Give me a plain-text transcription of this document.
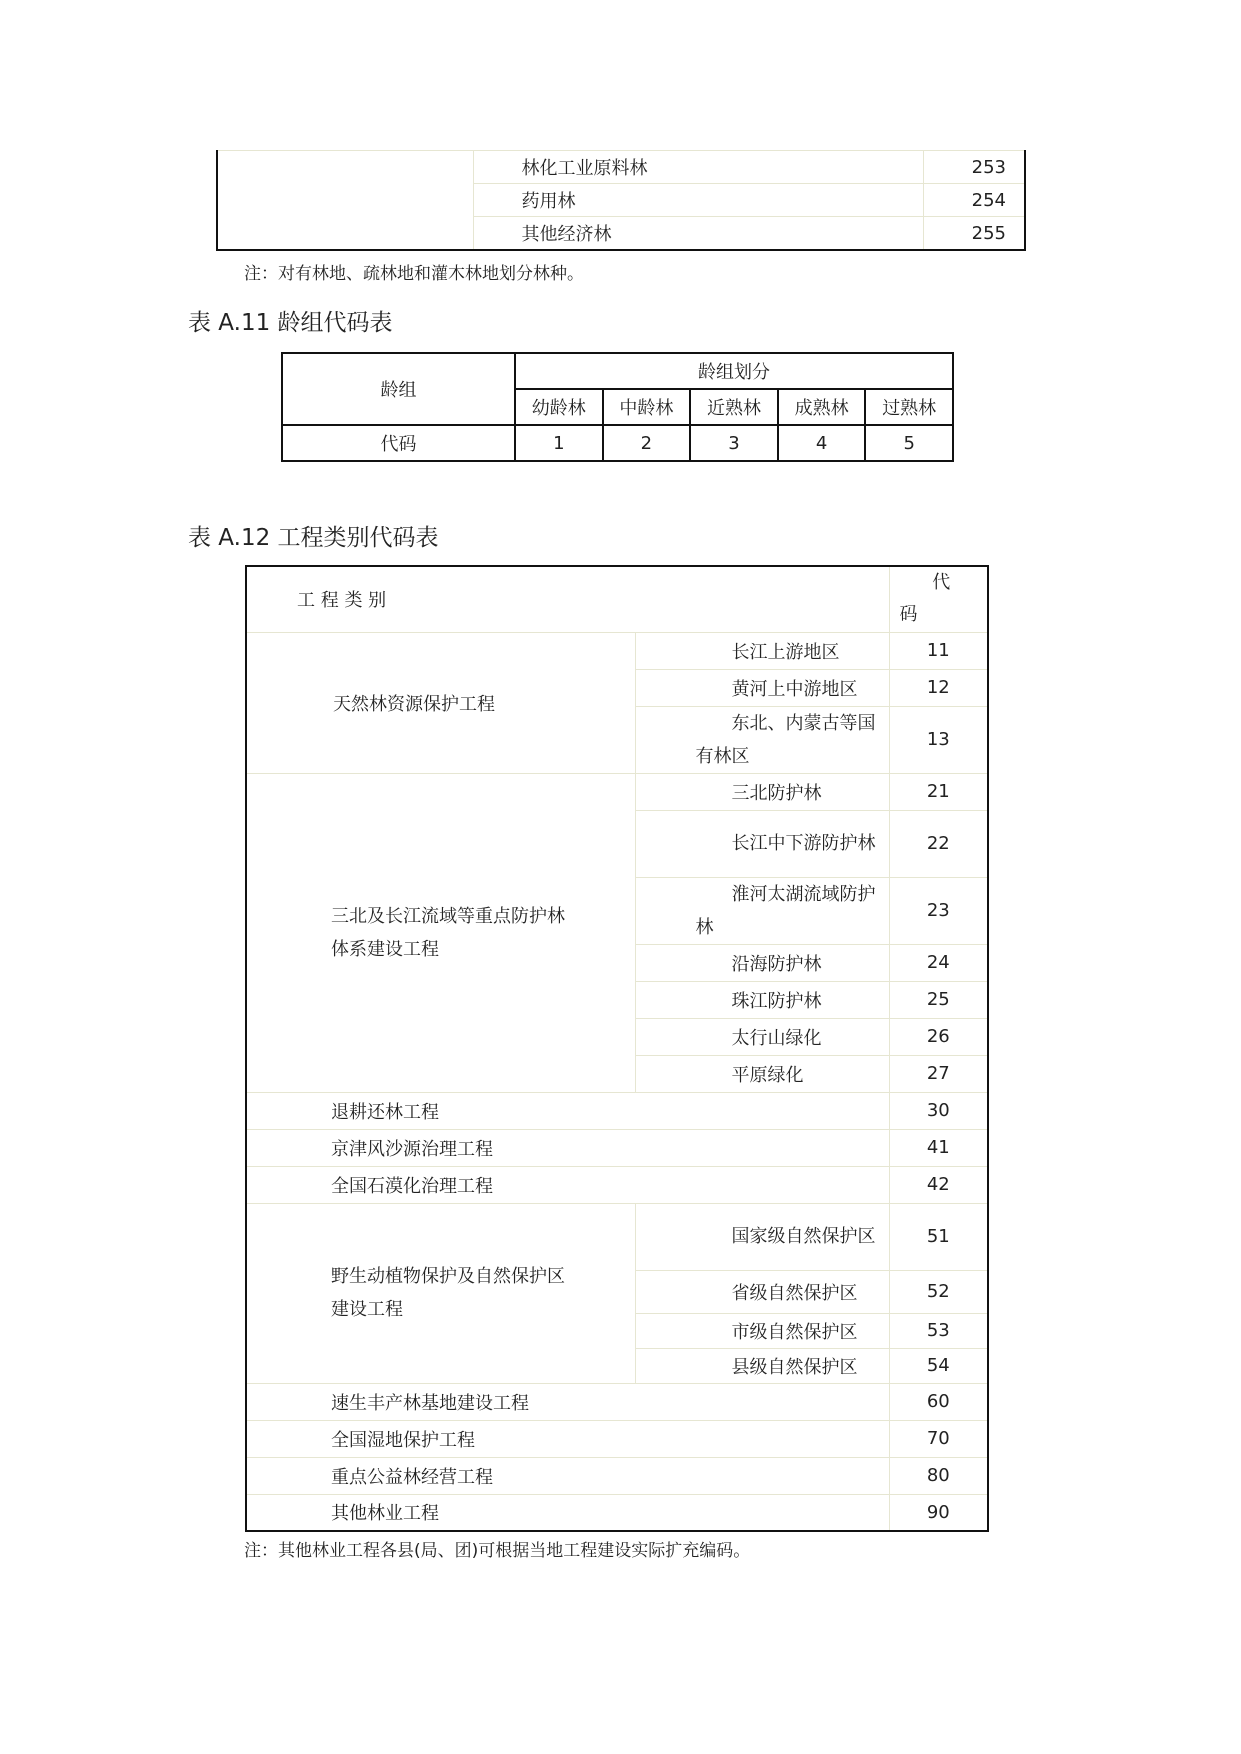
	林化工业原料林	253
	药用林	254
	其他经济林	255
注：对有林地、疏林地和灌木林地划分林种。
表 A.11 龄组代码表
龄组	龄组划分				
	幼龄林	中龄林	近熟林	成熟林	过熟林
代码	1	2	3	4	5
表 A.12 工程类别代码表
工 程 类 别		代
码

天然林资源保护工程	长江上游地区	11
	黄河上中游地区	12
	东北、内蒙古等国有林区	13

三北及长江流域等重点防护林
体系建设工程	三北防护林	21
	长江中下游防护林	22
	淮河太湖流域防护林	23
	沿海防护林	24
	珠江防护林	25
	太行山绿化	26
	平原绿化	27
退耕还林工程		30
京津风沙源治理工程		41
全国石漠化治理工程		42

野生动植物保护及自然保护区
建设工程	国家级自然保护区	51
	省级自然保护区	52
	市级自然保护区	53
	县级自然保护区	54
速生丰产林基地建设工程		60
全国湿地保护工程		70
重点公益林经营工程		80
其他林业工程		90
注：其他林业工程各县(局、团)可根据当地工程建设实际扩充编码。
